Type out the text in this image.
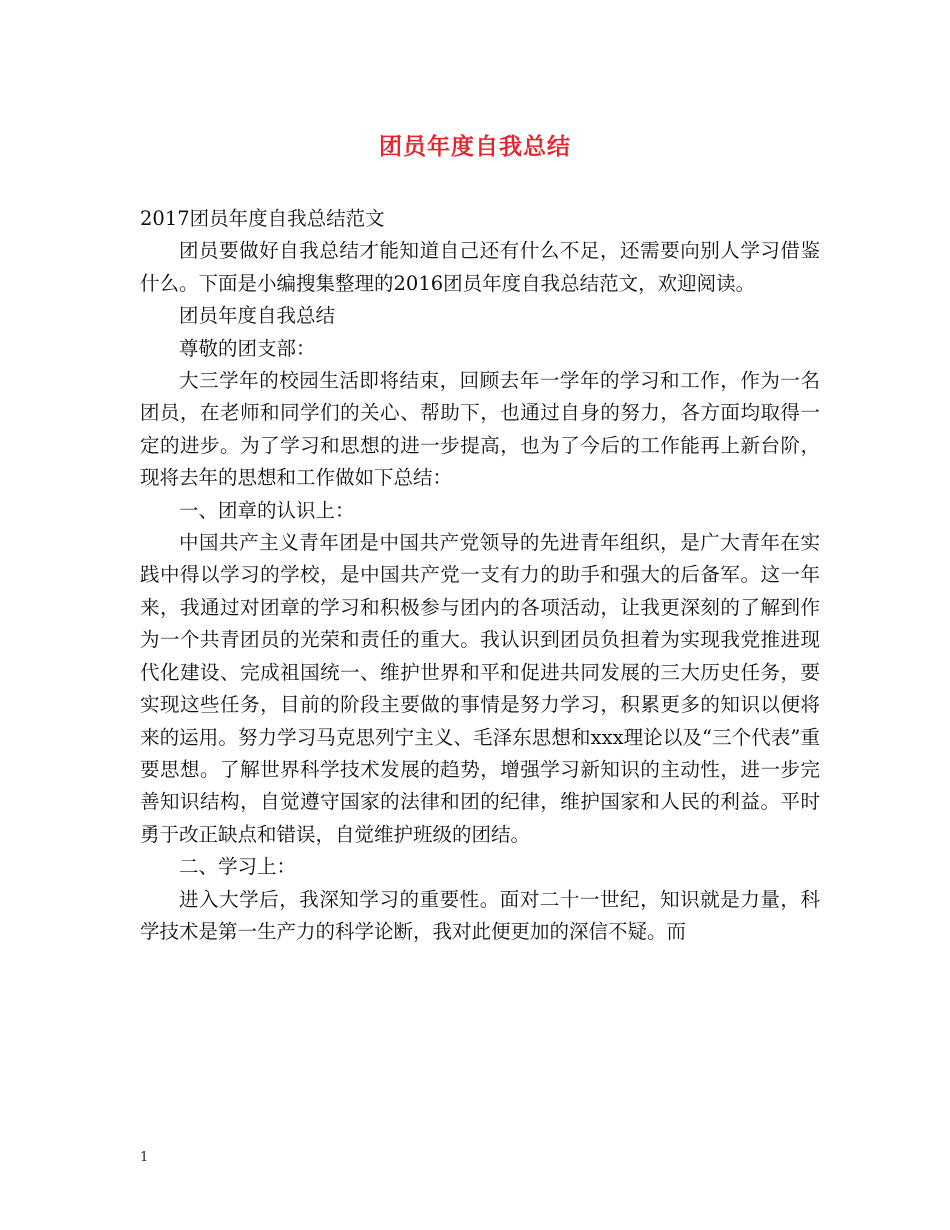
团员年度自我总结

2017团员年度自我总结范文

团员要做好自我总结才能知道自己还有什么不足，还需要向别人学习借鉴什么。下面是小编搜集整理的2016团员年度自我总结范文，欢迎阅读。

团员年度自我总结

尊敬的团支部：

大三学年的校园生活即将结束，回顾去年一学年的学习和工作，作为一名团员，在老师和同学们的关心、帮助下，也通过自身的努力，各方面均取得一定的进步。为了学习和思想的进一步提高，也为了今后的工作能再上新台阶，现将去年的思想和工作做如下总结：

一、团章的认识上：

中国共产主义青年团是中国共产党领导的先进青年组织，是广大青年在实践中得以学习的学校，是中国共产党一支有力的助手和强大的后备军。这一年来，我通过对团章的学习和积极参与团内的各项活动，让我更深刻的了解到作为一个共青团员的光荣和责任的重大。我认识到团员负担着为实现我党推进现代化建设、完成祖国统一、维护世界和平和促进共同发展的三大历史任务，要实现这些任务，目前的阶段主要做的事情是努力学习，积累更多的知识以便将来的运用。努力学习马克思列宁主义、毛泽东思想和xxx理论以及“三个代表”重要思想。了解世界科学技术发展的趋势，增强学习新知识的主动性，进一步完善知识结构，自觉遵守国家的法律和团的纪律，维护国家和人民的利益。平时勇于改正缺点和错误，自觉维护班级的团结。

二、学习上：

进入大学后，我深知学习的重要性。面对二十一世纪，知识就是力量，科学技术是第一生产力的科学论断，我对此便更加的深信不疑。而

1
